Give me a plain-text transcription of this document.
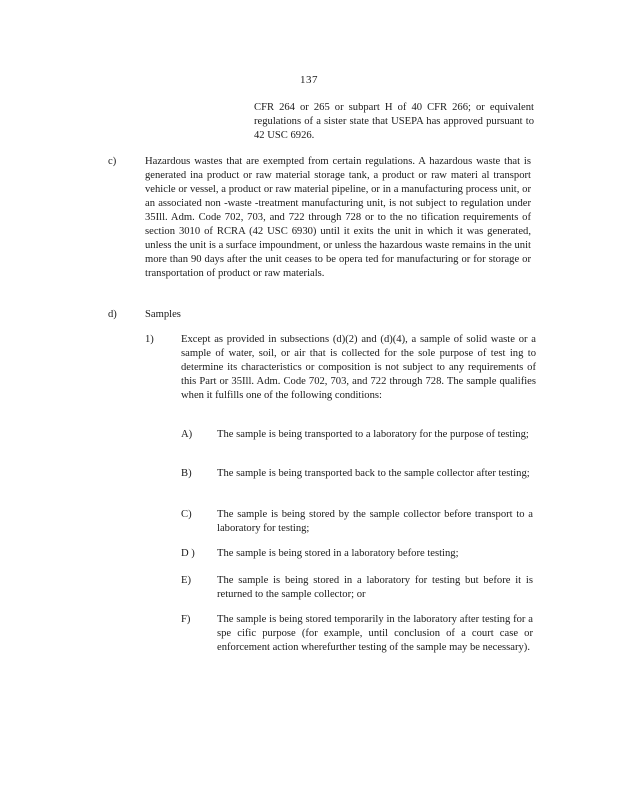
137

CFR 264 or 265 or subpart H of 40 CFR 266; or equivalent regulations of a sister state that USEPA has approved pursuant to 42 USC 6926.

c)	Hazardous wastes that are exempted from certain regulations. A hazardous waste that is generated ina product or raw material storage tank, a product or raw materi al transport vehicle or vessel, a product or raw material pipeline, or in a manufacturing process unit, or an associated non -waste -treatment manufacturing unit, is not subject to regulation under 35Ill. Adm. Code 702, 703, and 722 through 728 or to the no tification requirements of section 3010 of RCRA (42 USC 6930) until it exits the unit in which it was generated, unless the unit is a surface impoundment, or unless the hazardous waste remains in the unit more than 90 days after the unit ceases to be opera ted for manufacturing or for storage or transportation of product or raw materials.

d)	Samples
1)	Except as provided in subsections (d)(2) and (d)(4), a sample of solid waste or a sample of water, soil, or air that is collected for the sole purpose of test ing to determine its characteristics or composition is not subject to any requirements of this Part or 35Ill. Adm. Code 702, 703, and 722 through 728. The sample qualifies when it fulfills one of the following conditions:

A) The sample is being transported to a laboratory for the purpose of testing;

B) The sample is being transported back to the sample collector after testing;

C) The sample is being stored by the sample collector before transport to a laboratory for testing;

D ) The sample is being stored in a laboratory before testing;

E) The sample is being stored in a laboratory for testing but before it is returned to the sample collector; or

F)	The sample is being stored temporarily in the laboratory after testing for a spe cific purpose (for example, until conclusion of a court case or enforcement action wherefurther testing of the sample may be necessary).
